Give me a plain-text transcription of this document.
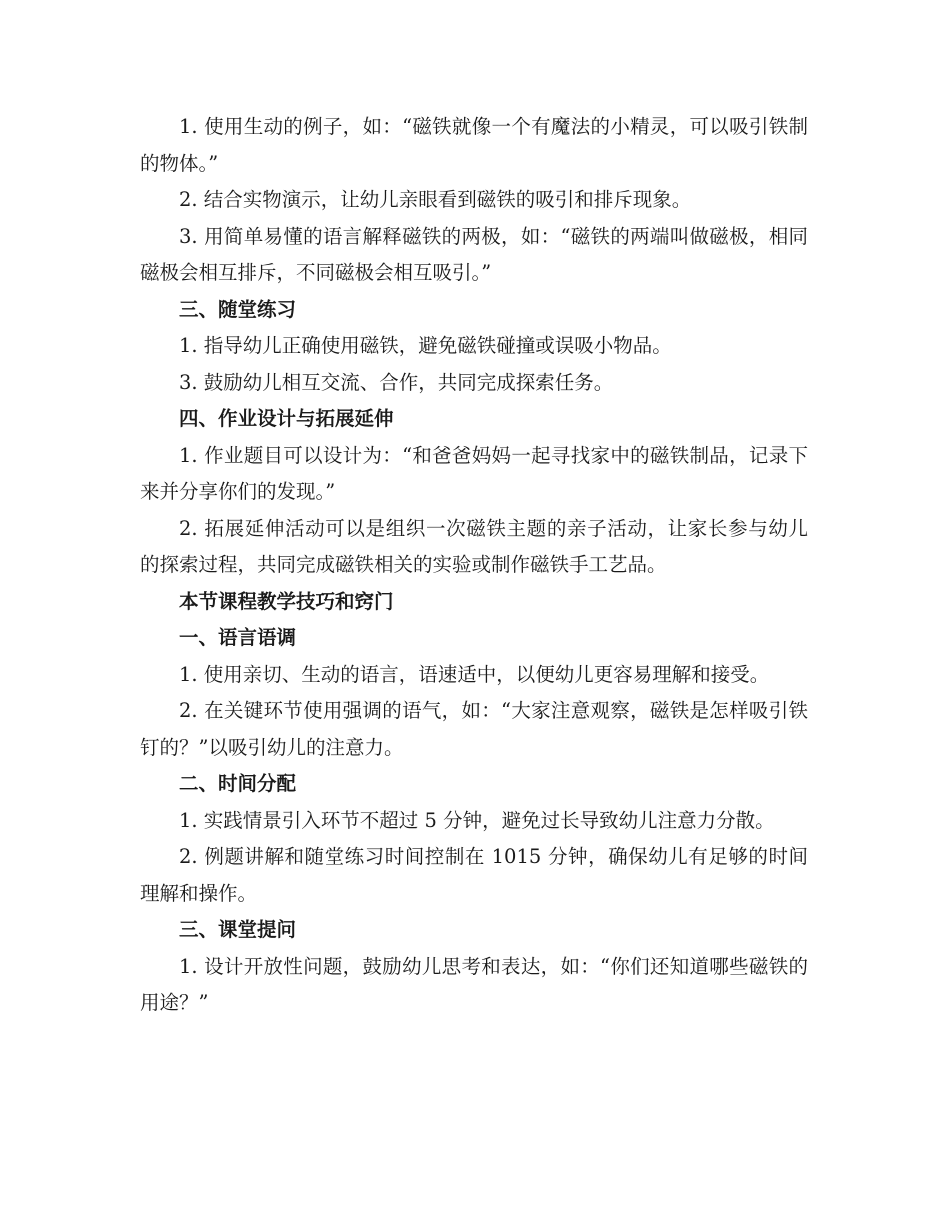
1. 使用生动的例子，如：“磁铁就像一个有魔法的小精灵，可以吸引铁制的物体。”

2. 结合实物演示，让幼儿亲眼看到磁铁的吸引和排斥现象。

3. 用简单易懂的语言解释磁铁的两极，如：“磁铁的两端叫做磁极，相同磁极会相互排斥，不同磁极会相互吸引。”

三、随堂练习

1. 指导幼儿正确使用磁铁，避免磁铁碰撞或误吸小物品。

3. 鼓励幼儿相互交流、合作，共同完成探索任务。

四、作业设计与拓展延伸

1. 作业题目可以设计为：“和爸爸妈妈一起寻找家中的磁铁制品，记录下来并分享你们的发现。”

2. 拓展延伸活动可以是组织一次磁铁主题的亲子活动，让家长参与幼儿的探索过程，共同完成磁铁相关的实验或制作磁铁手工艺品。

本节课程教学技巧和窍门

一、语言语调

1. 使用亲切、生动的语言，语速适中，以便幼儿更容易理解和接受。

2. 在关键环节使用强调的语气，如：“大家注意观察，磁铁是怎样吸引铁钉的？”以吸引幼儿的注意力。

二、时间分配

1. 实践情景引入环节不超过 5 分钟，避免过长导致幼儿注意力分散。

2. 例题讲解和随堂练习时间控制在 1015 分钟，确保幼儿有足够的时间理解和操作。

三、课堂提问

1. 设计开放性问题，鼓励幼儿思考和表达，如：“你们还知道哪些磁铁的用途？”
